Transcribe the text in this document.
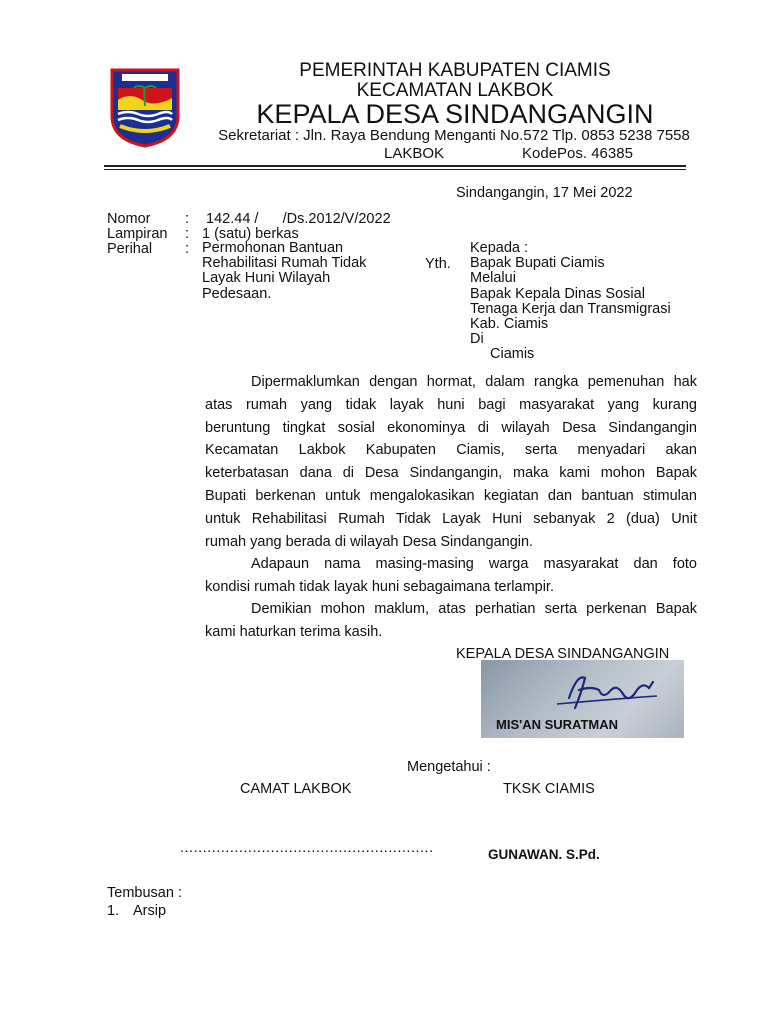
PEMERINTAH KABUPATEN CIAMIS
KECAMATAN LAKBOK
KEPALA DESA SINDANGANGIN
Sekretariat : Jln. Raya Bendung Menganti No.572 Tlp. 0853 5238 7558
LAKBOK	KodePos. 46385
Sindangangin, 17 Mei 2022
Nomor : 142.44 /      /Ds.2012/V/2022
Lampiran : 1 (satu) berkas
Perihal : Permohonan Bantuan
Rehabilitasi Rumah Tidak
Layak Huni Wilayah
Pedesaan.
Yth.
Kepada :
Bapak Bupati Ciamis
Melalui
Bapak Kepala Dinas Sosial
Tenaga Kerja dan Transmigrasi
Kab. Ciamis
Di
Ciamis
Dipermaklumkan dengan hormat, dalam rangka pemenuhan hak
atas rumah yang tidak layak huni bagi masyarakat yang kurang
beruntung tingkat sosial ekonominya di wilayah Desa Sindangangin
Kecamatan Lakbok Kabupaten Ciamis, serta menyadari akan
keterbatasan dana di Desa Sindangangin, maka kami mohon Bapak
Bupati berkenan untuk mengalokasikan kegiatan dan bantuan stimulan
untuk Rehabilitasi Rumah Tidak Layak Huni sebanyak 2 (dua) Unit
rumah yang berada di wilayah Desa Sindangangin.
Adapaun nama masing-masing warga masyarakat dan foto
kondisi rumah tidak layak huni sebagaimana terlampir.
Demikian mohon maklum, atas perhatian serta perkenan Bapak
kami haturkan terima kasih.
KEPALA DESA SINDANGANGIN
MIS'AN SURATMAN
Mengetahui :
CAMAT LAKBOK	TKSK CIAMIS
........................................................	GUNAWAN. S.Pd.
Tembusan :
1. Arsip
